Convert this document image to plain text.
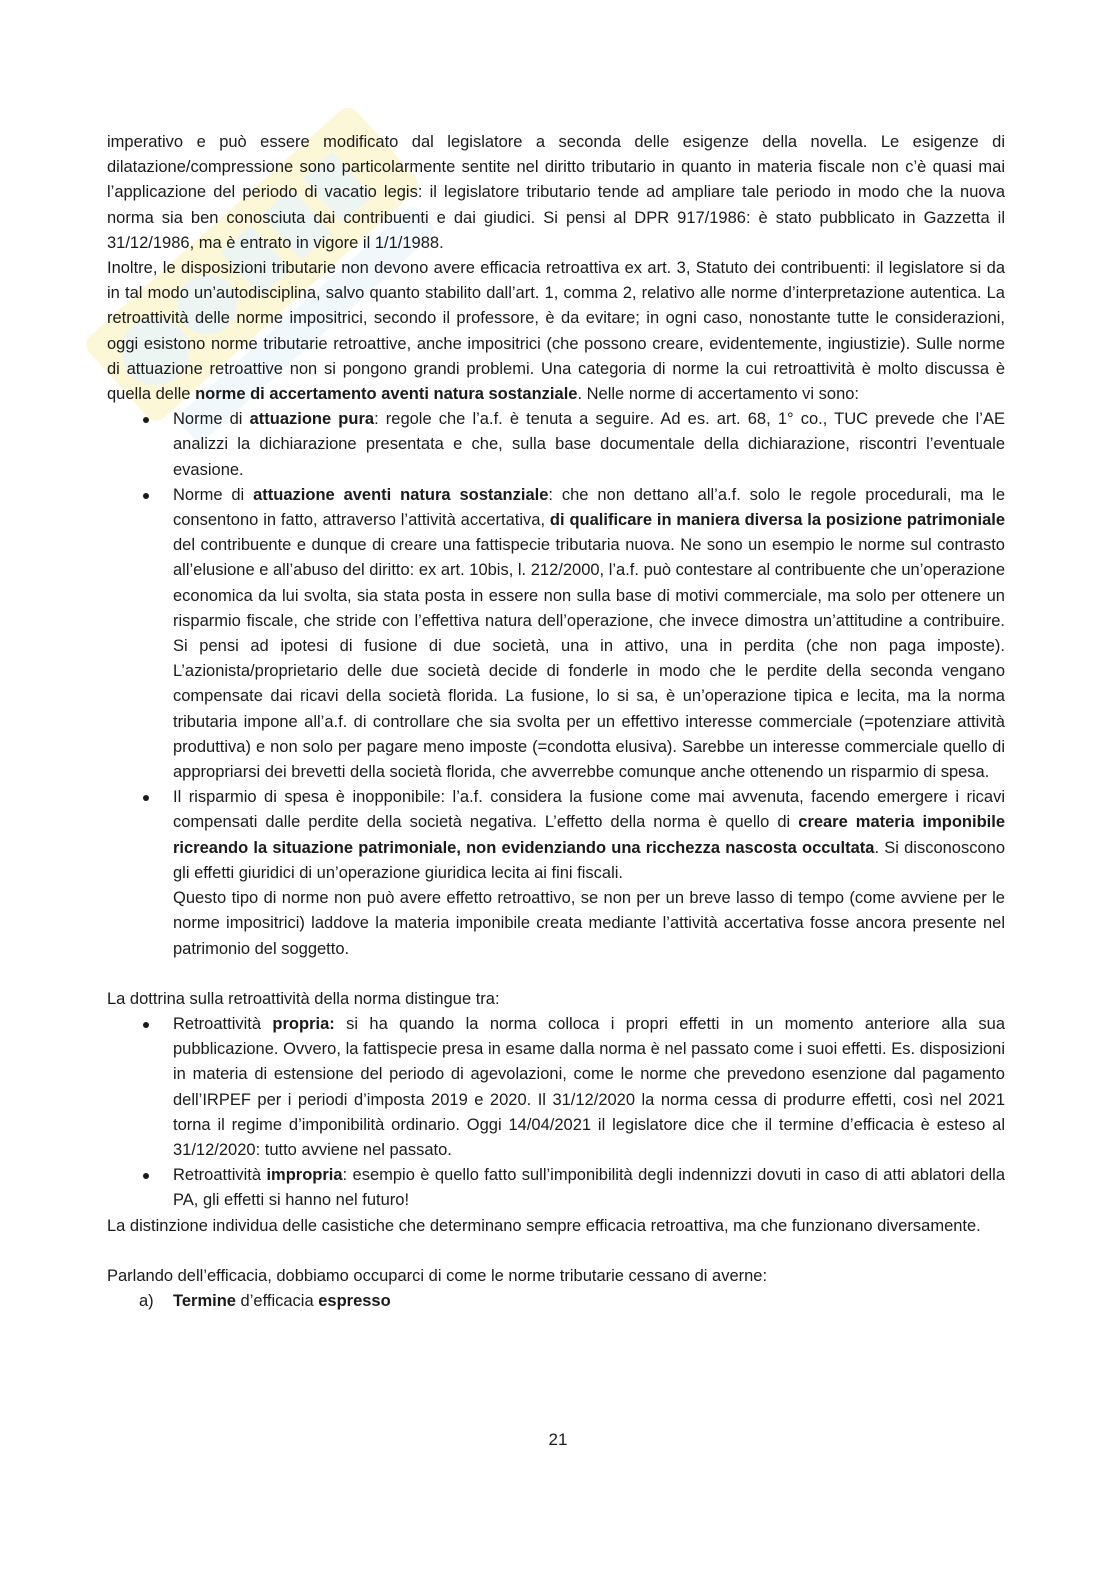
imperativo e può essere modificato dal legislatore a seconda delle esigenze della novella. Le esigenze di dilatazione/compressione sono particolarmente sentite nel diritto tributario in quanto in materia fiscale non c’è quasi mai l’applicazione del periodo di vacatio legis: il legislatore tributario tende ad ampliare tale periodo in modo che la nuova norma sia ben conosciuta dai contribuenti e dai giudici. Si pensi al DPR 917/1986: è stato pubblicato in Gazzetta il 31/12/1986, ma è entrato in vigore il 1/1/1988.

Inoltre, le disposizioni tributarie non devono avere efficacia retroattiva ex art. 3, Statuto dei contribuenti: il legislatore si da in tal modo un’autodisciplina, salvo quanto stabilito dall’art. 1, comma 2, relativo alle norme d’interpretazione autentica. La retroattività delle norme impositrici, secondo il professore, è da evitare; in ogni caso, nonostante tutte le considerazioni, oggi esistono norme tributarie retroattive, anche impositrici (che possono creare, evidentemente, ingiustizie). Sulle norme di attuazione retroattive non si pongono grandi problemi. Una categoria di norme la cui retroattività è molto discussa è quella delle norme di accertamento aventi natura sostanziale. Nelle norme di accertamento vi sono:

Norme di attuazione pura: regole che l’a.f. è tenuta a seguire. Ad es. art. 68, 1° co., TUC prevede che l’AE analizzi la dichiarazione presentata e che, sulla base documentale della dichiarazione, riscontri l’eventuale evasione.
Norme di attuazione aventi natura sostanziale: che non dettano all’a.f. solo le regole procedurali, ma le consentono in fatto, attraverso l’attività accertativa, di qualificare in maniera diversa la posizione patrimoniale del contribuente e dunque di creare una fattispecie tributaria nuova. Ne sono un esempio le norme sul contrasto all’elusione e all’abuso del diritto: ex art. 10bis, l. 212/2000, l’a.f. può contestare al contribuente che un’operazione economica da lui svolta, sia stata posta in essere non sulla base di motivi commerciale, ma solo per ottenere un risparmio fiscale, che stride con l’effettiva natura dell’operazione, che invece dimostra un’attitudine a contribuire. Si pensi ad ipotesi di fusione di due società, una in attivo, una in perdita (che non paga imposte). L’azionista/proprietario delle due società decide di fonderle in modo che le perdite della seconda vengano compensate dai ricavi della società florida. La fusione, lo si sa, è un’operazione tipica e lecita, ma la norma tributaria impone all’a.f. di controllare che sia svolta per un effettivo interesse commerciale (=potenziare attività produttiva) e non solo per pagare meno imposte (=condotta elusiva). Sarebbe un interesse commerciale quello di appropriarsi dei brevetti della società florida, che avverrebbe comunque anche ottenendo un risparmio di spesa.
Il risparmio di spesa è inopponibile: l’a.f. considera la fusione come mai avvenuta, facendo emergere i ricavi compensati dalle perdite della società negativa. L’effetto della norma è quello di creare materia imponibile ricreando la situazione patrimoniale, non evidenziando una ricchezza nascosta occultata. Si disconoscono gli effetti giuridici di un’operazione giuridica lecita ai fini fiscali.
Questo tipo di norme non può avere effetto retroattivo, se non per un breve lasso di tempo (come avviene per le norme impositrici) laddove la materia imponibile creata mediante l’attività accertativa fosse ancora presente nel patrimonio del soggetto.

La dottrina sulla retroattività della norma distingue tra:

Retroattività propria: si ha quando la norma colloca i propri effetti in un momento anteriore alla sua pubblicazione. Ovvero, la fattispecie presa in esame dalla norma è nel passato come i suoi effetti. Es. disposizioni in materia di estensione del periodo di agevolazioni, come le norme che prevedono esenzione dal pagamento dell’IRPEF per i periodi d’imposta 2019 e 2020. Il 31/12/2020 la norma cessa di produrre effetti, così nel 2021 torna il regime d’imponibilità ordinario. Oggi 14/04/2021 il legislatore dice che il termine d’efficacia è esteso al 31/12/2020: tutto avviene nel passato.
Retroattività impropria: esempio è quello fatto sull’imponibilità degli indennizzi dovuti in caso di atti ablatori della PA, gli effetti si hanno nel futuro!

La distinzione individua delle casistiche che determinano sempre efficacia retroattiva, ma che funzionano diversamente.

Parlando dell’efficacia, dobbiamo occuparci di come le norme tributarie cessano di averne:

a) Termine d’efficacia espresso
21
